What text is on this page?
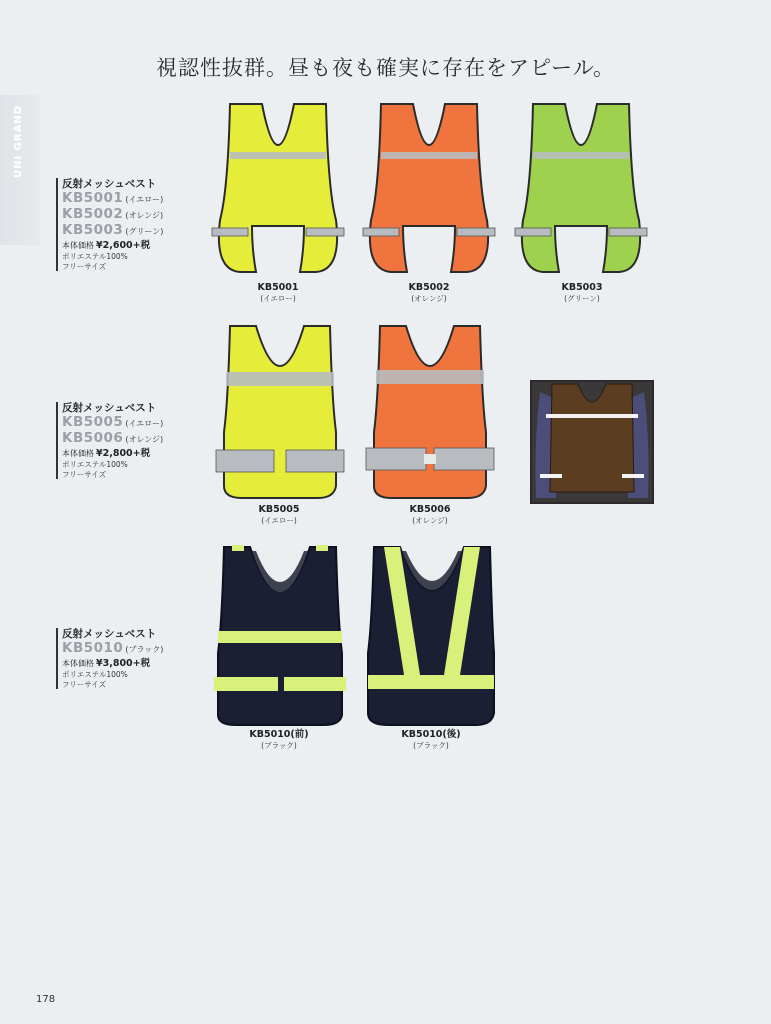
視認性抜群。昼も夜も確実に存在をアピール。
UNI GRAND
反射メッシュベスト
KB5001 (イエロー)
KB5002 (オレンジ)
KB5003 (グリーン)
本体価格 ¥2,600+税
ポリエステル100%
フリーサイズ
反射メッシュベスト
KB5005 (イエロー)
KB5006 (オレンジ)
本体価格 ¥2,800+税
ポリエステル100%
フリーサイズ
反射メッシュベスト
KB5010 (ブラック)
本体価格 ¥3,800+税
ポリエステル100%
フリーサイズ
KB5001
(イエロー)
KB5002
(オレンジ)
KB5003
(グリーン)
KB5005
(イエロー)
KB5006
(オレンジ)
KB5010(前)
(ブラック)
KB5010(後)
(ブラック)
178
